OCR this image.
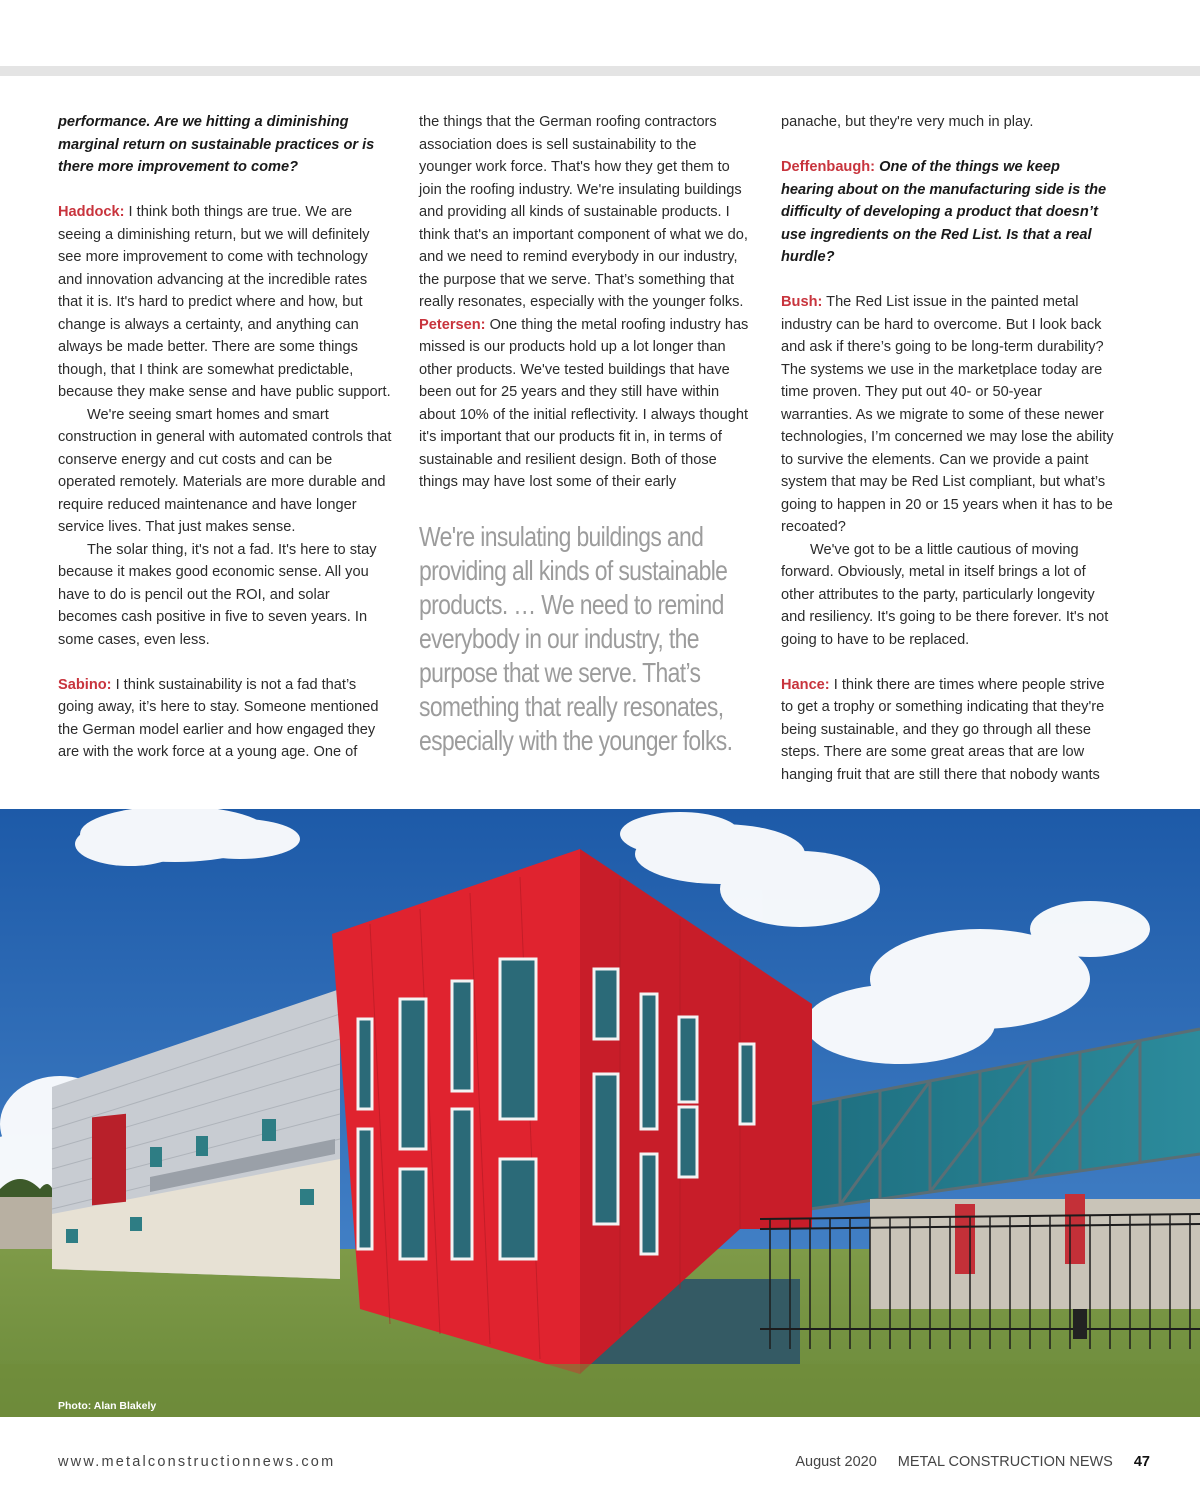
performance. Are we hitting a diminishing marginal return on sustainable practices or is there more improvement to come?

Haddock: I think both things are true. We are seeing a diminishing return, but we will definitely see more improvement to come with technology and innovation advancing at the incredible rates that it is. It's hard to predict where and how, but change is always a certainty, and anything can always be made better. There are some things though, that I think are somewhat predictable, because they make sense and have public support.

We're seeing smart homes and smart construction in general with automated controls that conserve energy and cut costs and can be operated remotely. Materials are more durable and require reduced maintenance and have longer service lives. That just makes sense.

The solar thing, it's not a fad. It's here to stay because it makes good economic sense. All you have to do is pencil out the ROI, and solar becomes cash positive in five to seven years. In some cases, even less.

Sabino: I think sustainability is not a fad that’s going away, it’s here to stay. Someone mentioned the German model earlier and how engaged they are with the work force at a young age. One of

the things that the German roofing contractors association does is sell sustainability to the younger work force. That's how they get them to join the roofing industry. We're insulating buildings and providing all kinds of sustainable products. I think that's an important component of what we do, and we need to remind everybody in our industry, the purpose that we serve. That’s something that really resonates, especially with the younger folks.

Petersen: One thing the metal roofing industry has missed is our products hold up a lot longer than other products. We've tested buildings that have been out for 25 years and they still have within about 10% of the initial reflectivity. I always thought it's important that our products fit in, in terms of sustainable and resilient design. Both of those things may have lost some of their early

We're insulating buildings and providing all kinds of sustainable products. … We need to remind everybody in our industry, the purpose that we serve. That’s something that really resonates, especially with the younger folks.

panache, but they're very much in play.

Deffenbaugh: One of the things we keep hearing about on the manufacturing side is the difficulty of developing a product that doesn’t use ingredients on the Red List. Is that a real hurdle?

Bush: The Red List issue in the painted metal industry can be hard to overcome. But I look back and ask if there’s going to be long-term durability? The systems we use in the marketplace today are time proven. They put out 40- or 50-year warranties. As we migrate to some of these newer technologies, I’m concerned we may lose the ability to survive the elements. Can we provide a paint system that may be Red List compliant, but what’s going to happen in 20 or 15 years when it has to be recoated?

We've got to be a little cautious of moving forward. Obviously, metal in itself brings a lot of other attributes to the party, particularly longevity and resiliency. It's going to be there forever. It's not going to have to be replaced.

Hance: I think there are times where people strive to get a trophy or something indicating that they're being sustainable, and they go through all these steps. There are some great areas that are low hanging fruit that are still there that nobody wants

Photo: Alan Blakely
www.metalconstructionnews.com	August 2020 METAL CONSTRUCTION NEWS 47
